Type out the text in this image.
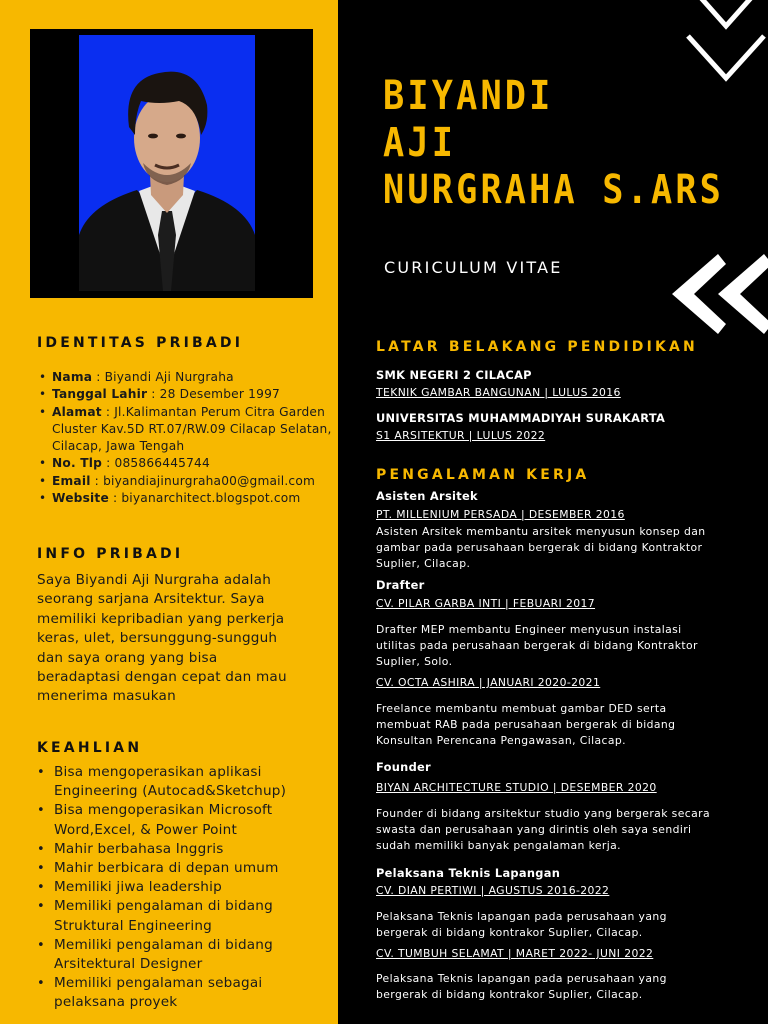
IDENTITAS PRIBADI
• Nama : Biyandi Aji Nurgraha
• Tanggal Lahir : 28 Desember 1997
• Alamat : Jl.Kalimantan Perum Citra Garden Cluster Kav.5D RT.07/RW.09 Cilacap Selatan, Cilacap, Jawa Tengah
• No. Tlp : 085866445744
• Email : biyandiajinurgraha00@gmail.com
• Website : biyanarchitect.blogspot.com
INFO PRIBADI
Saya Biyandi Aji Nurgraha adalah seorang sarjana Arsitektur. Saya memiliki kepribadian yang perkerja keras, ulet, bersunggung-sungguh dan saya orang yang bisa beradaptasi dengan cepat dan mau menerima masukan
KEAHLIAN
• Bisa mengoperasikan aplikasi Engineering (Autocad&Sketchup)
• Bisa mengoperasikan Microsoft Word,Excel, & Power Point
• Mahir berbahasa Inggris
• Mahir berbicara di depan umum
• Memiliki jiwa leadership
• Memiliki pengalaman di bidang Struktural Engineering
• Memiliki pengalaman di bidang Arsitektural Designer
• Memiliki pengalaman sebagai pelaksana proyek
BIYANDI
AJI
NURGRAHA S.ARS
CURICULUM VITAE
LATAR BELAKANG PENDIDIKAN
SMK NEGERI 2 CILACAP
TEKNIK GAMBAR BANGUNAN | LULUS 2016
UNIVERSITAS MUHAMMADIYAH SURAKARTA
S1 ARSITEKTUR | LULUS 2022
PENGALAMAN KERJA
Asisten Arsitek
PT. MILLENIUM PERSADA | DESEMBER 2016
Asisten Arsitek membantu arsitek menyusun konsep dan gambar pada perusahaan bergerak di bidang Kontraktor Suplier, Cilacap.
Drafter
CV. PILAR GARBA INTI | FEBUARI 2017
Drafter MEP membantu Engineer menyusun instalasi utilitas pada perusahaan bergerak di bidang Kontraktor Suplier, Solo.
CV. OCTA ASHIRA | JANUARI 2020-2021
Freelance membantu membuat gambar DED serta membuat RAB pada perusahaan bergerak di bidang Konsultan Perencana Pengawasan, Cilacap.
Founder
BIYAN ARCHITECTURE STUDIO | DESEMBER 2020
Founder di bidang arsitektur studio yang bergerak secara swasta dan perusahaan yang dirintis oleh saya sendiri sudah memiliki banyak pengalaman kerja.
Pelaksana Teknis Lapangan
CV. DIAN PERTIWI | AGUSTUS 2016-2022
Pelaksana Teknis lapangan pada perusahaan yang bergerak di bidang kontrakor Suplier, Cilacap.
CV. TUMBUH SELAMAT | MARET 2022- JUNI 2022
Pelaksana Teknis lapangan pada perusahaan yang bergerak di bidang kontrakor Suplier, Cilacap.
